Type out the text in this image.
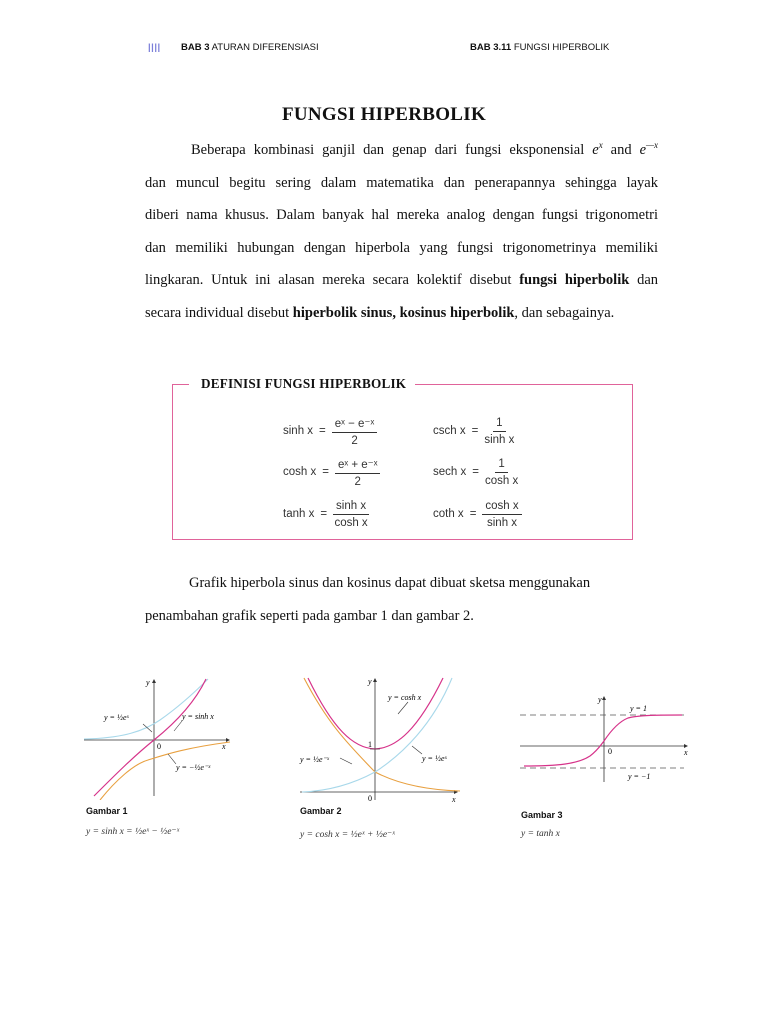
|||| BAB 3 ATURAN DIFERENSIASI	BAB 3.11 FUNGSI HIPERBOLIK
FUNGSI HIPERBOLIK

Beberapa kombinasi ganjil dan genap dari fungsi eksponensial $e^x$ and $e^{—x}$

dan muncul begitu sering dalam matematika dan penerapannya sehingga layak

diberi nama khusus. Dalam banyak hal mereka analog dengan fungsi trigonometri

dan memiliki hubungan dengan hiperbola yang fungsi trigonometrinya memiliki

lingkaran. Untuk ini alasan mereka secara kolektif disebut fungsi hiperbolik dan

secara individual disebut hiperbolik sinus, kosinus hiperbolik, dan sebagainya.

DEFINISI FUNGSI HIPERBOLIK
$\sinh x = \frac{\text{eˣ − e⁻ˣ}}{2}$	csch $x = \frac{1}{\text{sinh x}}$
$\cosh x = \frac{\text{eˣ + e⁻ˣ}}{2}$	sech $x = \frac{1}{\text{cosh x}}$
$\tanh x = \frac{\text{sinh x}}{\text{cosh x}}$	coth $x = \frac{\text{cosh x}}{\text{sinh x}}$

Grafik hiperbola sinus dan kosinus dapat dibuat sketsa menggunakan

penambahan grafik seperti pada gambar 1 dan gambar 2.

y
x
0
y = ½eˣ	y = sinh x
y = −½e⁻ˣ
Gambar 1
y = sinh x = ½eˣ − ½e⁻ˣ
y
x
0
1
y = cosh x
y = ½e⁻ˣ	y = ½eˣ
Gambar 2
y = cosh x = ½eˣ + ½e⁻ˣ
y
x
0
y = 1
y = −1
Gambar 3
y = tanh x
